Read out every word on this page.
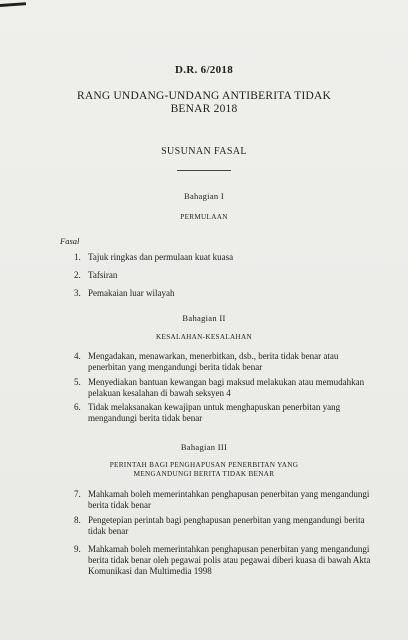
D.R. 6/2018
RANG UNDANG-UNDANG ANTIBERITA TIDAK
BENAR 2018
SUSUNAN FASAL
Bahagian I
PERMULAAN
Fasal
1. Tajuk ringkas dan permulaan kuat kuasa
2. Tafsiran
3. Pemakaian luar wilayah
Bahagian II
KESALAHAN-KESALAHAN
4. Mengadakan, menawarkan, menerbitkan, dsb., berita tidak benar atau penerbitan yang mengandungi berita tidak benar
5. Menyediakan bantuan kewangan bagi maksud melakukan atau memudahkan pelakuan kesalahan di bawah seksyen 4
6. Tidak melaksanakan kewajipan untuk menghapuskan penerbitan yang mengandungi berita tidak benar
Bahagian III
PERINTAH BAGI PENGHAPUSAN PENERBITAN YANG
MENGANDUNGI BERITA TIDAK BENAR
7. Mahkamah boleh memerintahkan penghapusan penerbitan yang mengandungi berita tidak benar
8. Pengetepian perintah bagi penghapusan penerbitan yang mengandungi berita tidak benar
9. Mahkamah boleh memerintahkan penghapusan penerbitan yang mengandungi berita tidak benar oleh pegawai polis atau pegawai diberi kuasa di bawah Akta Komunikasi dan Multimedia 1998
